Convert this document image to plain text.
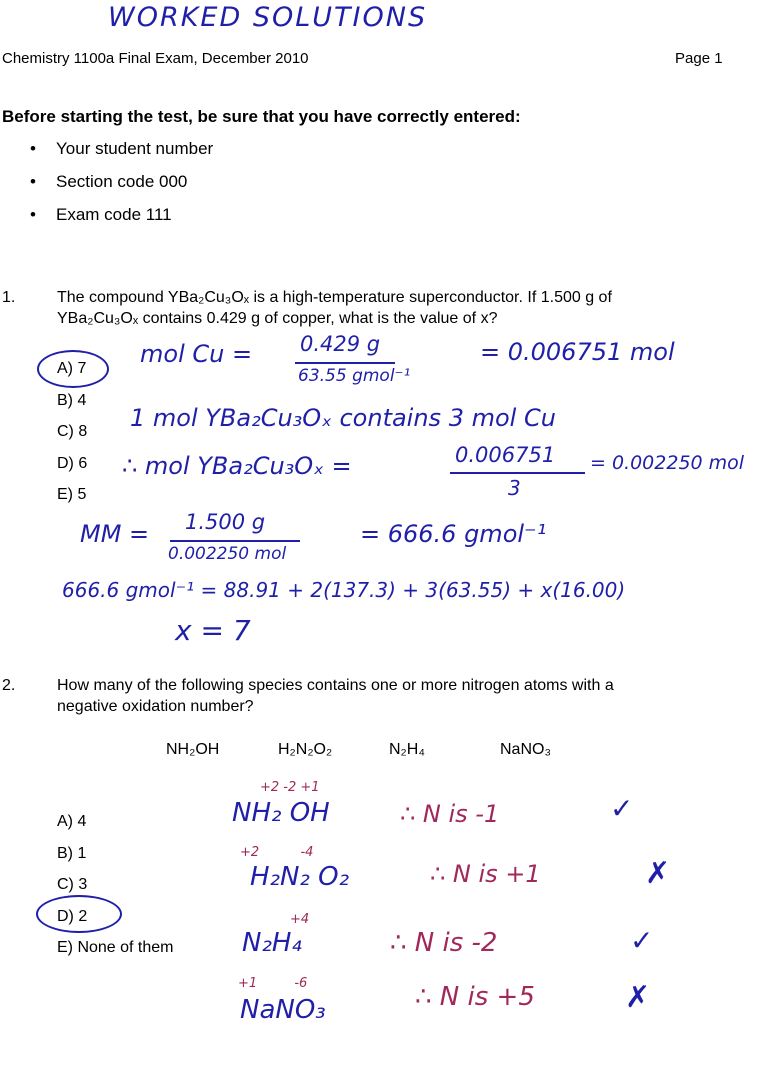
WORKED SOLUTIONS
Chemistry 1100a Final Exam, December 2010	Page 1
Before starting the test, be sure that you have correctly entered:
• Your student number
• Section code 000
• Exam code 111
1.	The compound YBa₂Cu₃Oₓ is a high-temperature superconductor. If 1.500 g of
YBa₂Cu₃Oₓ contains 0.429 g of copper, what is the value of x?
A) 7
B) 4
C) 8
D) 6
E) 5
mol Cu = 0.429 g
63.55 gmol⁻¹
= 0.006751 mol
1 mol YBa₂Cu₃Oₓ contains 3 mol Cu
∴ mol YBa₂Cu₃Oₓ =	0.006751
3
= 0.002250 mol
MM = 1.500 g
0.002250 mol
= 666.6 gmol⁻¹
666.6 gmol⁻¹ = 88.91 + 2(137.3) + 3(63.55) + x(16.00)
x = 7
2.	How many of the following species contains one or more nitrogen atoms with a
negative oxidation number?
NH₂OH	H₂N₂O₂	N₂H₄	NaNO₃
A) 4
B) 1
C) 3
D) 2
E) None of them
+2 -2 +1
NH₂ OH	∴ N is -1	✓
+2          -4
H₂N₂ O₂	∴ N is +1	✗
+4
N₂H₄	∴ N is -2	✓
+1         -6
NaNO₃	∴ N is +5	✗
